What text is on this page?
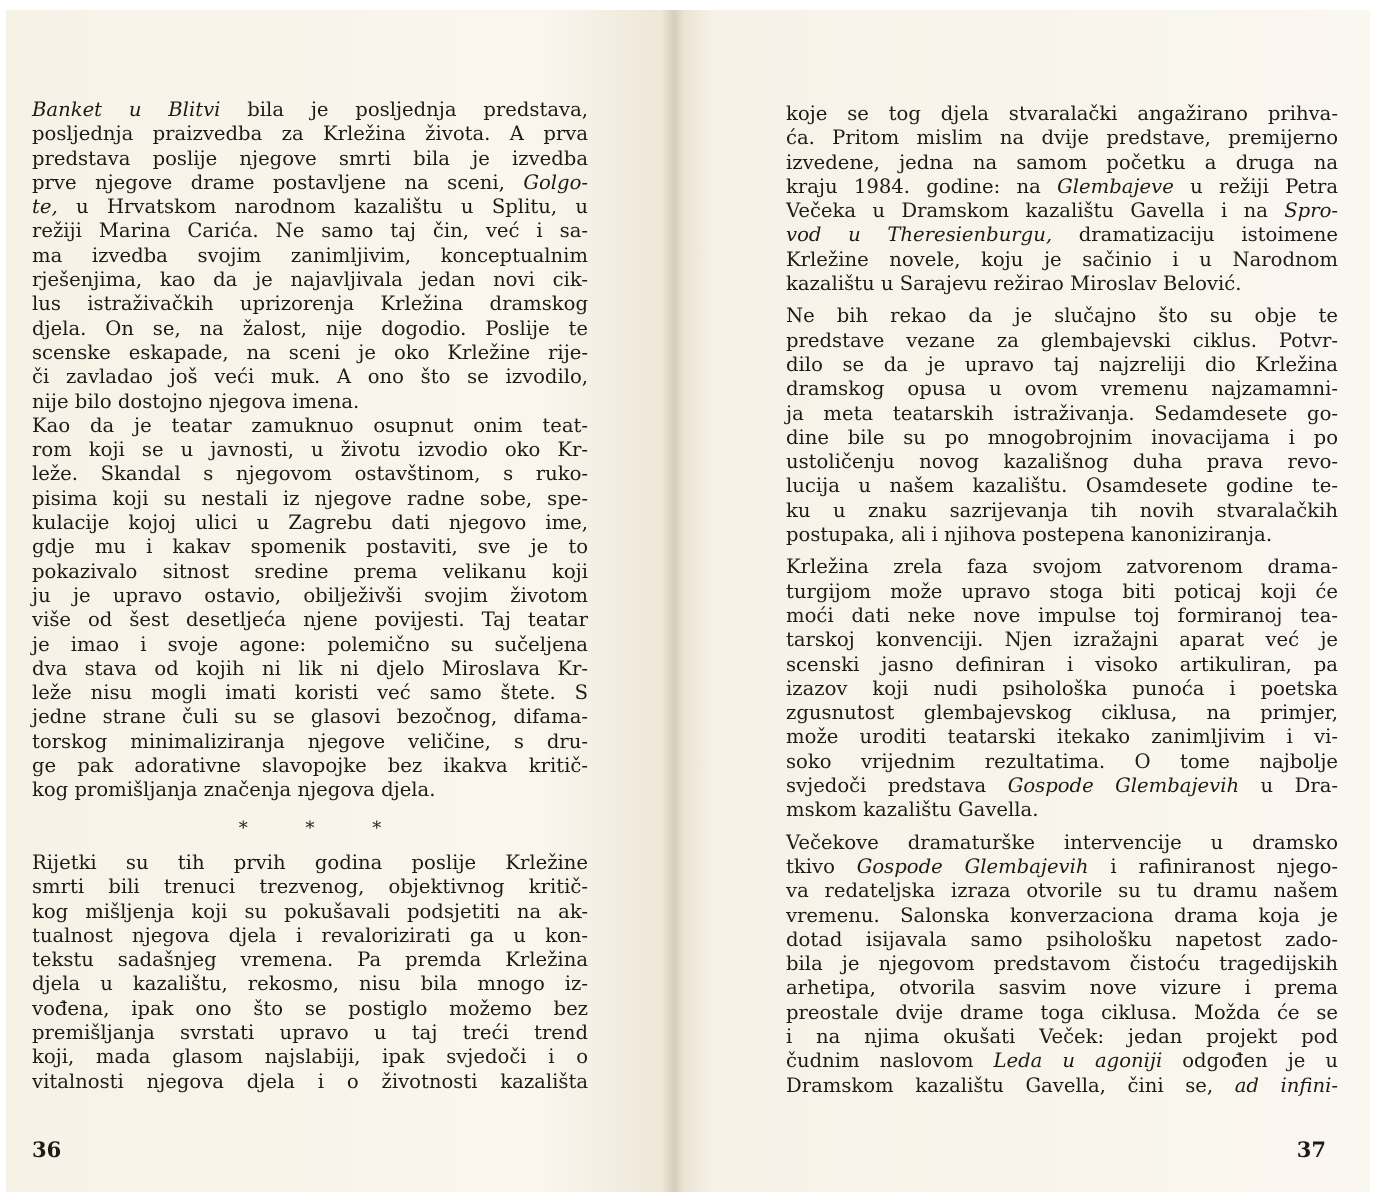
Banket u Blitvi bila je posljednja predstava,
posljednja praizvedba za Krležina života. A prva
predstava poslije njegove smrti bila je izvedba
prve njegove drame postavljene na sceni, Golgo-
te, u Hrvatskom narodnom kazalištu u Splitu, u
režiji Marina Carića. Ne samo taj čin, već i sa-
ma izvedba svojim zanimljivim, konceptualnim
rješenjima, kao da je najavljivala jedan novi cik-
lus istraživačkih uprizorenja Krležina dramskog
djela. On se, na žalost, nije dogodio. Poslije te
scenske eskapade, na sceni je oko Krležine rije-
či zavladao još veći muk. A ono što se izvodilo,
nije bilo dostojno njegova imena.

Kao da je teatar zamuknuo osupnut onim teat-
rom koji se u javnosti, u životu izvodio oko Kr-
leže. Skandal s njegovom ostavštinom, s ruko-
pisima koji su nestali iz njegove radne sobe, spe-
kulacije kojoj ulici u Zagrebu dati njegovo ime,
gdje mu i kakav spomenik postaviti, sve je to
pokazivalo sitnost sredine prema velikanu koji
ju je upravo ostavio, obilježivši svojim životom
više od šest desetljeća njene povijesti. Taj teatar
je imao i svoje agone: polemično su sučeljena
dva stava od kojih ni lik ni djelo Miroslava Kr-
leže nisu mogli imati koristi već samo štete. S
jedne strane čuli su se glasovi bezočnog, difama-
torskog minimaliziranja njegove veličine, s dru-
ge pak adorativne slavopojke bez ikakva kritič-
kog promišljanja značenja njegova djela.

* * *

Rijetki su tih prvih godina poslije Krležine
smrti bili trenuci trezvenog, objektivnog kritič-
kog mišljenja koji su pokušavali podsjetiti na ak-
tualnost njegova djela i revalorizirati ga u kon-
tekstu sadašnjeg vremena. Pa premda Krležina
djela u kazalištu, rekosmo, nisu bila mnogo iz-
vođena, ipak ono što se postiglo možemo bez
premišljanja svrstati upravo u taj treći trend
koji, mada glasom najslabiji, ipak svjedoči i o
vitalnosti njegova djela i o životnosti kazališta

36

koje se tog djela stvaralački angažirano prihva-
ća. Pritom mislim na dvije predstave, premijerno
izvedene, jedna na samom početku a druga na
kraju 1984. godine: na Glembajeve u režiji Petra
Večeka u Dramskom kazalištu Gavella i na Spro-
vod u Theresienburgu, dramatizaciju istoimene
Krležine novele, koju je sačinio i u Narodnom
kazalištu u Sarajevu režirao Miroslav Belović.

Ne bih rekao da je slučajno što su obje te
predstave vezane za glembajevski ciklus. Potvr-
dilo se da je upravo taj najzreliji dio Krležina
dramskog opusa u ovom vremenu najzamamni-
ja meta teatarskih istraživanja. Sedamdesete go-
dine bile su po mnogobrojnim inovacijama i po
ustoličenju novog kazališnog duha prava revo-
lucija u našem kazalištu. Osamdesete godine te-
ku u znaku sazrijevanja tih novih stvaralačkih
postupaka, ali i njihova postepena kanoniziranja.

Krležina zrela faza svojom zatvorenom drama-
turgijom može upravo stoga biti poticaj koji će
moći dati neke nove impulse toj formiranoj tea-
tarskoj konvenciji. Njen izražajni aparat već je
scenski jasno definiran i visoko artikuliran, pa
izazov koji nudi psihološka punoća i poetska
zgusnutost glembajevskog ciklusa, na primjer,
može uroditi teatarski itekako zanimljivim i vi-
soko vrijednim rezultatima. O tome najbolje
svjedoči predstava Gospode Glembajevih u Dra-
mskom kazalištu Gavella.

Večekove dramaturške intervencije u dramsko
tkivo Gospode Glembajevih i rafiniranost njego-
va redateljska izraza otvorile su tu dramu našem
vremenu. Salonska konverzaciona drama koja je
dotad isijavala samo psihološku napetost zado-
bila je njegovom predstavom čistoću tragedijskih
arhetipa, otvorila sasvim nove vizure i prema
preostale dvije drame toga ciklusa. Možda će se
i na njima okušati Veček: jedan projekt pod
čudnim naslovom Leda u agoniji odgođen je u
Dramskom kazalištu Gavella, čini se, ad infini-

37
